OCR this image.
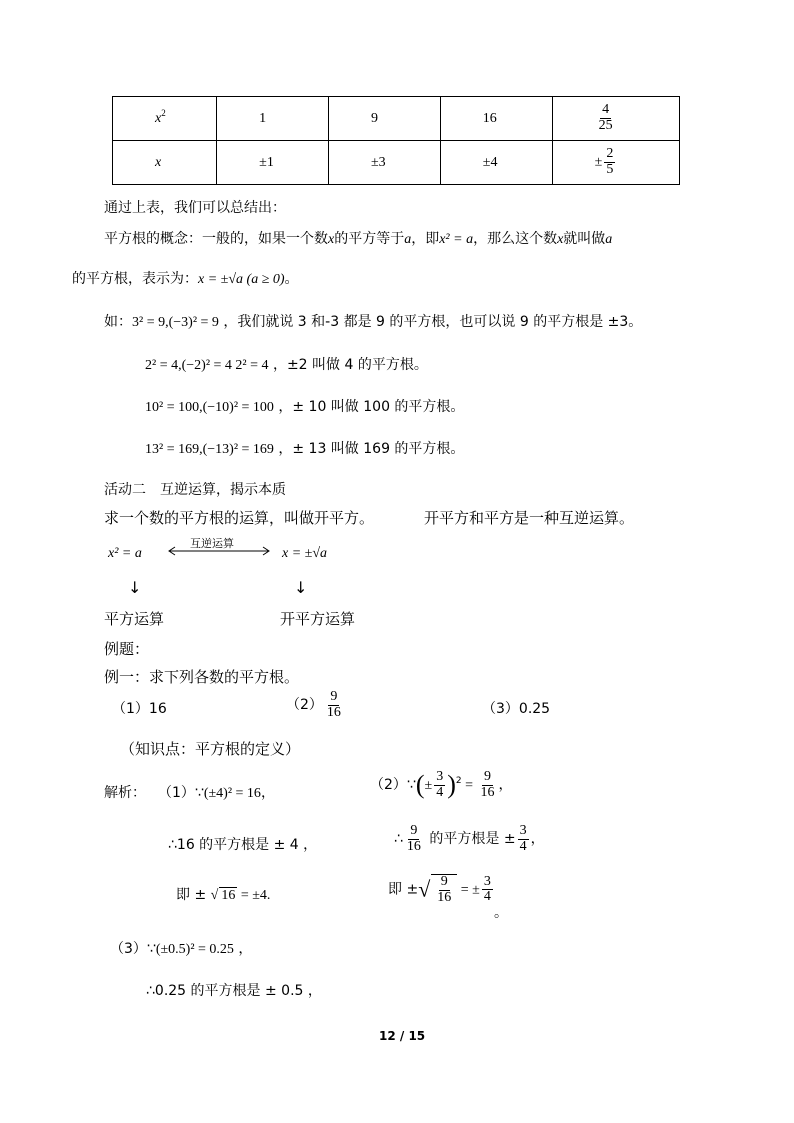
$x^2$	1	9	16	$\frac{4}{25}$

x	±1	±3	±4	± $\frac{2}{5}$
通过上表，我们可以总结出：
平方根的概念：一般的，如果一个数x的平方等于a，即x² = a，那么这个数x就叫做a
的平方根，表示为：x = ±√a (a ≥ 0)。
如：3² = 9,(−3)² = 9 ，我们就说 3 和-3 都是 9 的平方根，也可以说 9 的平方根是 ±3。
2² = 4,(−2)² = 4 2² = 4 ，±2 叫做 4 的平方根。
10² = 100,(−10)² = 100 ，± 10 叫做 100 的平方根。
13² = 169,(−13)² = 169 ，± 13 叫做 169 的平方根。
活动二　互逆运算，揭示本质
求一个数的平方根的运算，叫做开平方。	开平方和平方是一种互逆运算。
x² = a
互逆运算
x = ±√a
↓	↓
平方运算	开平方运算
例题：
例一：求下列各数的平方根。
（1）16	$(2) \frac{9}{16}$	（3）0.25
（知识点：平方根的定义）
解析： （1）∵(±4)² = 16，	（2）∵(± $\frac{3}{4} )^2 = \frac{9}{16}$ ，
∴16 的平方根是 ± 4 ，	∴ $\frac{9}{16}$ 的平方根是 ± $\frac{3}{4}$ ，
即 ± √ 16 = ±4.	即 ±√ $\frac{9}{16}$ = ± $\frac{3}{4}$
。
（3）∵(±0.5)² = 0.25 ，
∴0.25 的平方根是 ± 0.5 ，
12 / 15
